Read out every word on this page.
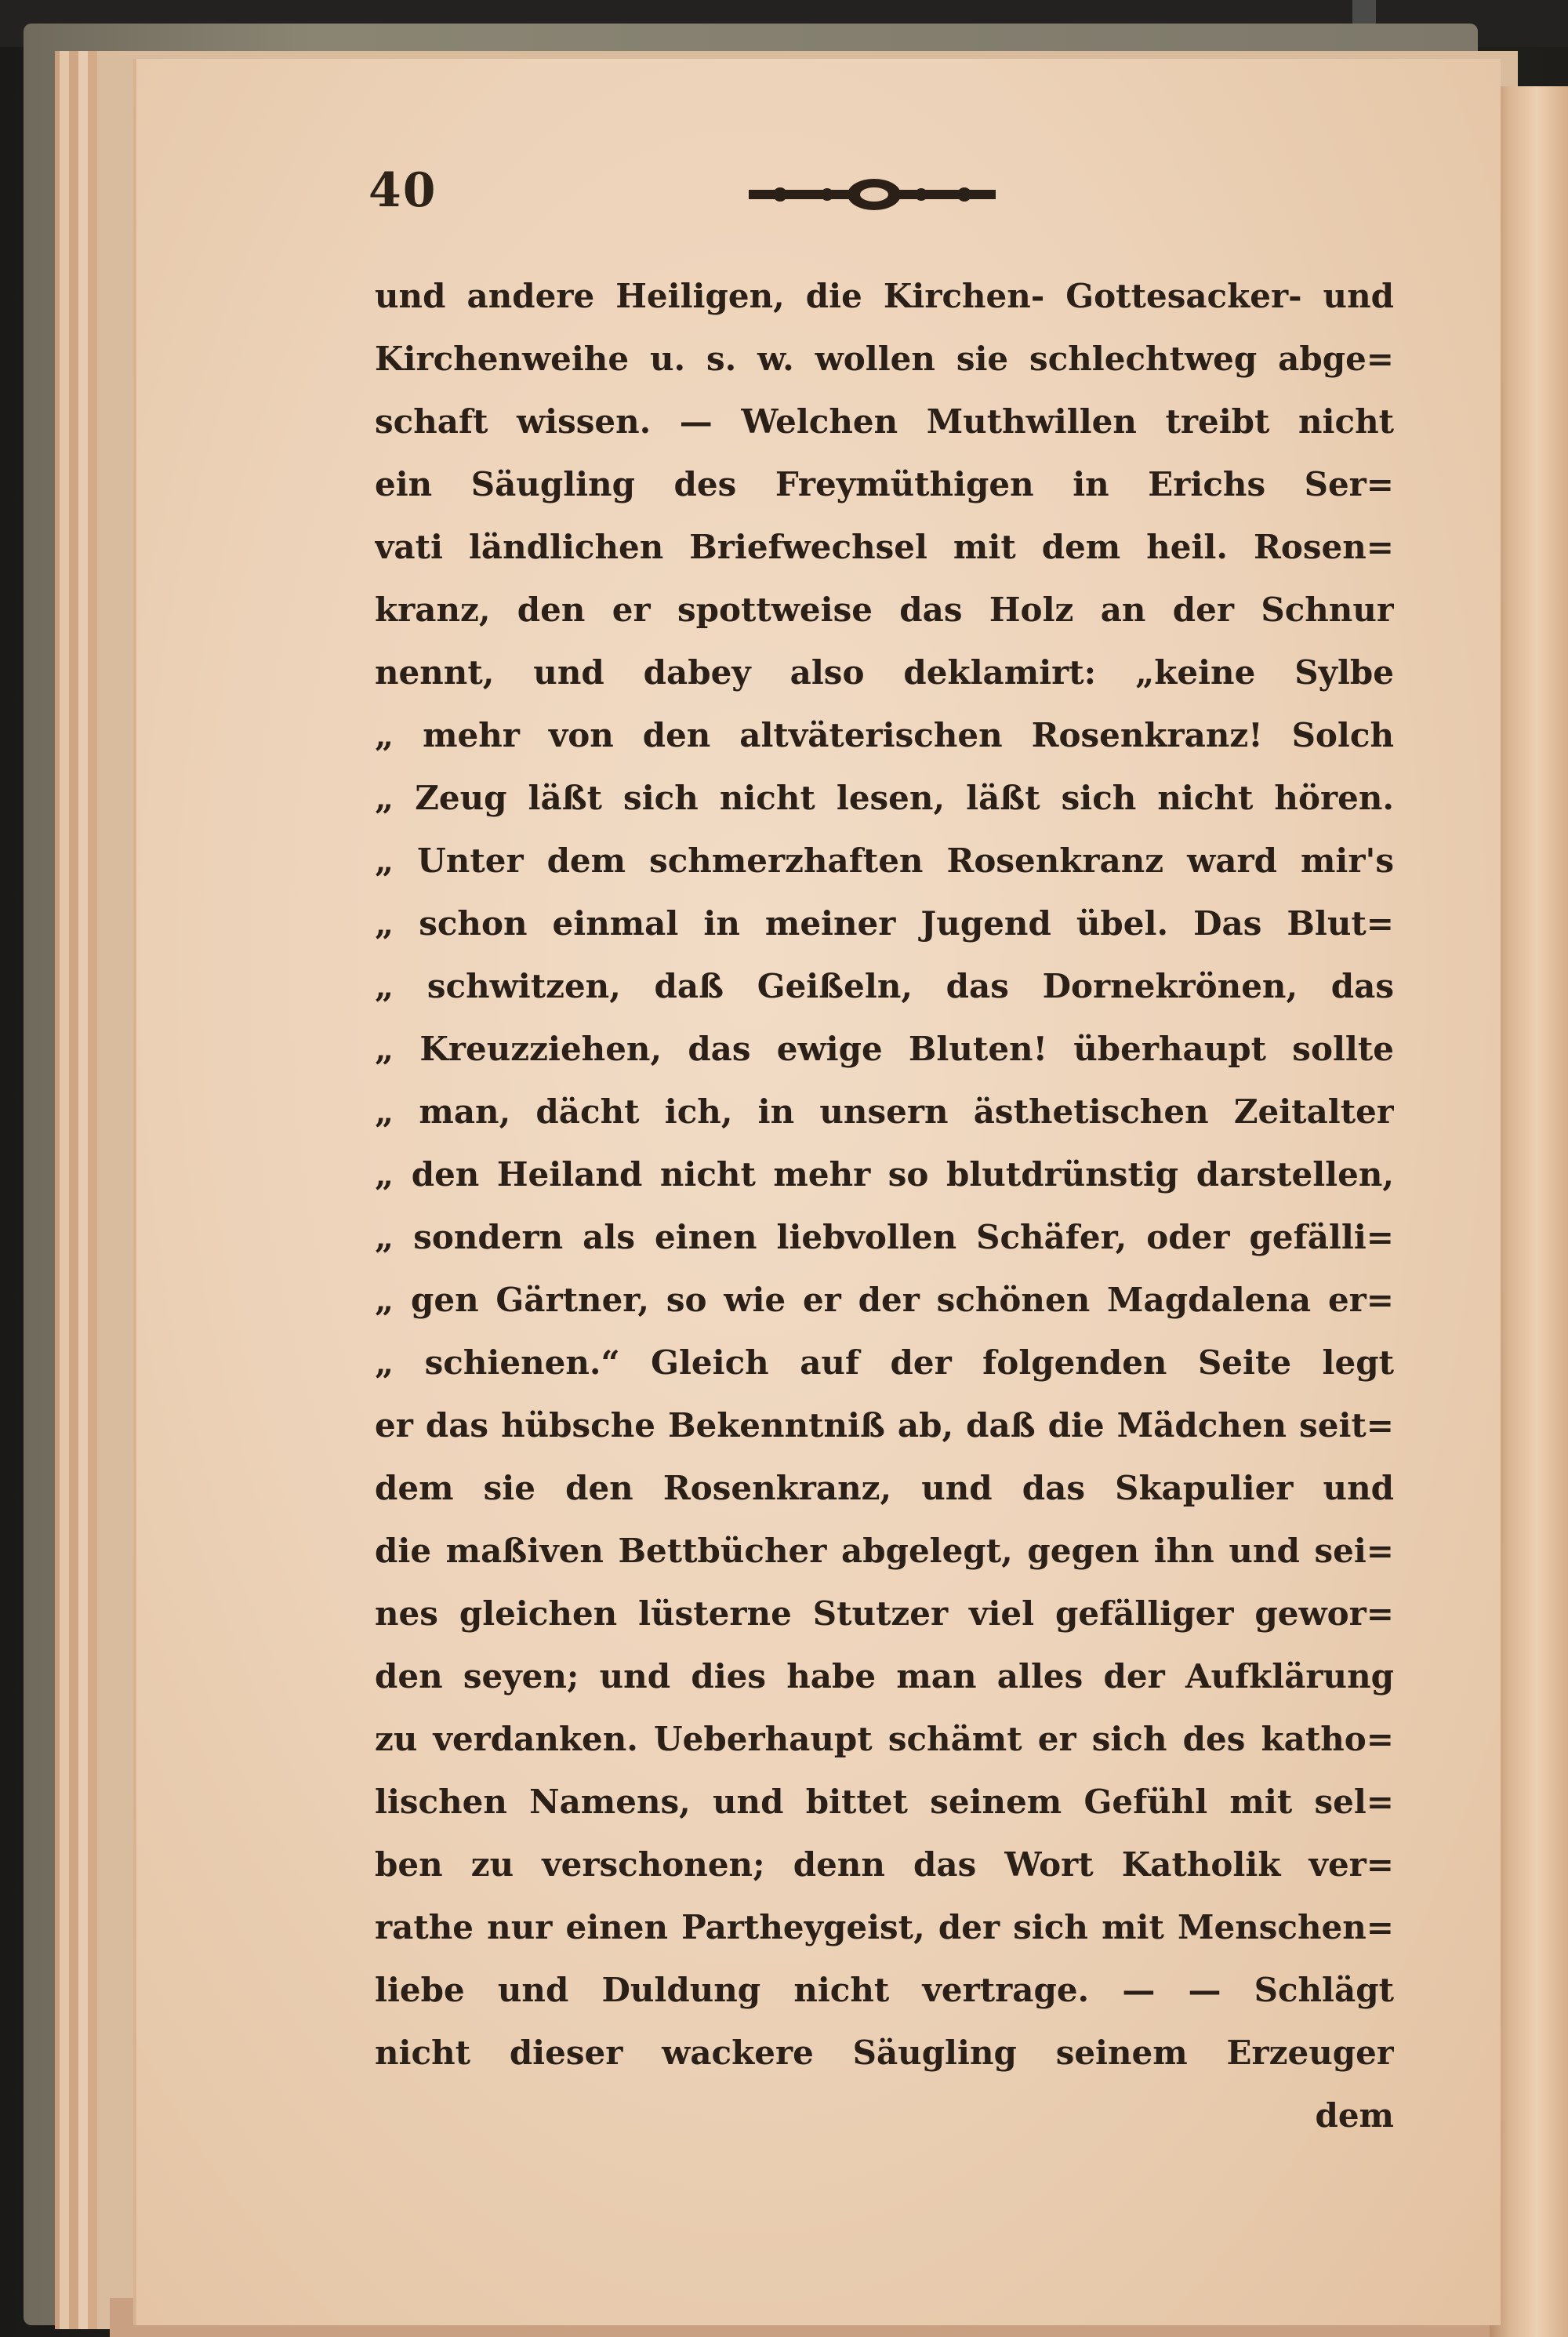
40
und andere Heiligen, die Kirchen- Gottesacker- und
Kirchenweihe u. s. w. wollen sie schlechtweg abge=
schaft wissen. — Welchen Muthwillen treibt nicht
ein Säugling des Freymüthigen in Erichs Ser=
vati ländlichen Briefwechsel mit dem heil. Rosen=
kranz, den er spottweise das Holz an der Schnur
nennt, und dabey also deklamirt: „keine Sylbe
„ mehr von den altväterischen Rosenkranz! Solch
„ Zeug läßt sich nicht lesen, läßt sich nicht hören.
„ Unter dem schmerzhaften Rosenkranz ward mir's
„ schon einmal in meiner Jugend übel. Das Blut=
„ schwitzen, daß Geißeln, das Dornekrönen, das
„ Kreuzziehen, das ewige Bluten! überhaupt sollte
„ man, dächt ich, in unsern ästhetischen Zeitalter
„ den Heiland nicht mehr so blutdrünstig darstellen,
„ sondern als einen liebvollen Schäfer, oder gefälli=
„ gen Gärtner, so wie er der schönen Magdalena er=
„ schienen.“ Gleich auf der folgenden Seite legt
er das hübsche Bekenntniß ab, daß die Mädchen seit=
dem sie den Rosenkranz, und das Skapulier und
die maßiven Bettbücher abgelegt, gegen ihn und sei=
nes gleichen lüsterne Stutzer viel gefälliger gewor=
den seyen; und dies habe man alles der Aufklärung
zu verdanken. Ueberhaupt schämt er sich des katho=
lischen Namens, und bittet seinem Gefühl mit sel=
ben zu verschonen; denn das Wort Katholik ver=
rathe nur einen Partheygeist, der sich mit Menschen=
liebe und Duldung nicht vertrage. — — Schlägt
nicht dieser wackere Säugling seinem Erzeuger
dem
